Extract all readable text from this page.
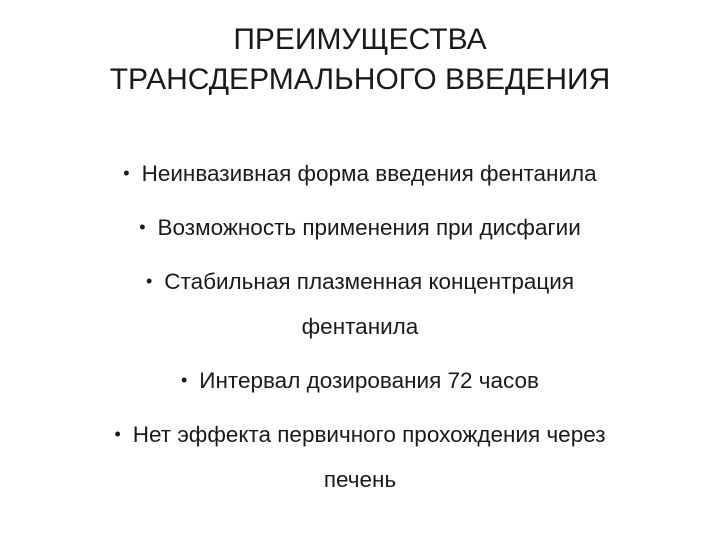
ПРЕИМУЩЕСТВА
ТРАНСДЕРМАЛЬНОГО ВВЕДЕНИЯ
• Неинвазивная форма введения фентанила
• Возможность применения при дисфагии
• Стабильная плазменная концентрация
фентанила
• Интервал дозирования 72 часов
• Нет эффекта первичного прохождения через
печень
